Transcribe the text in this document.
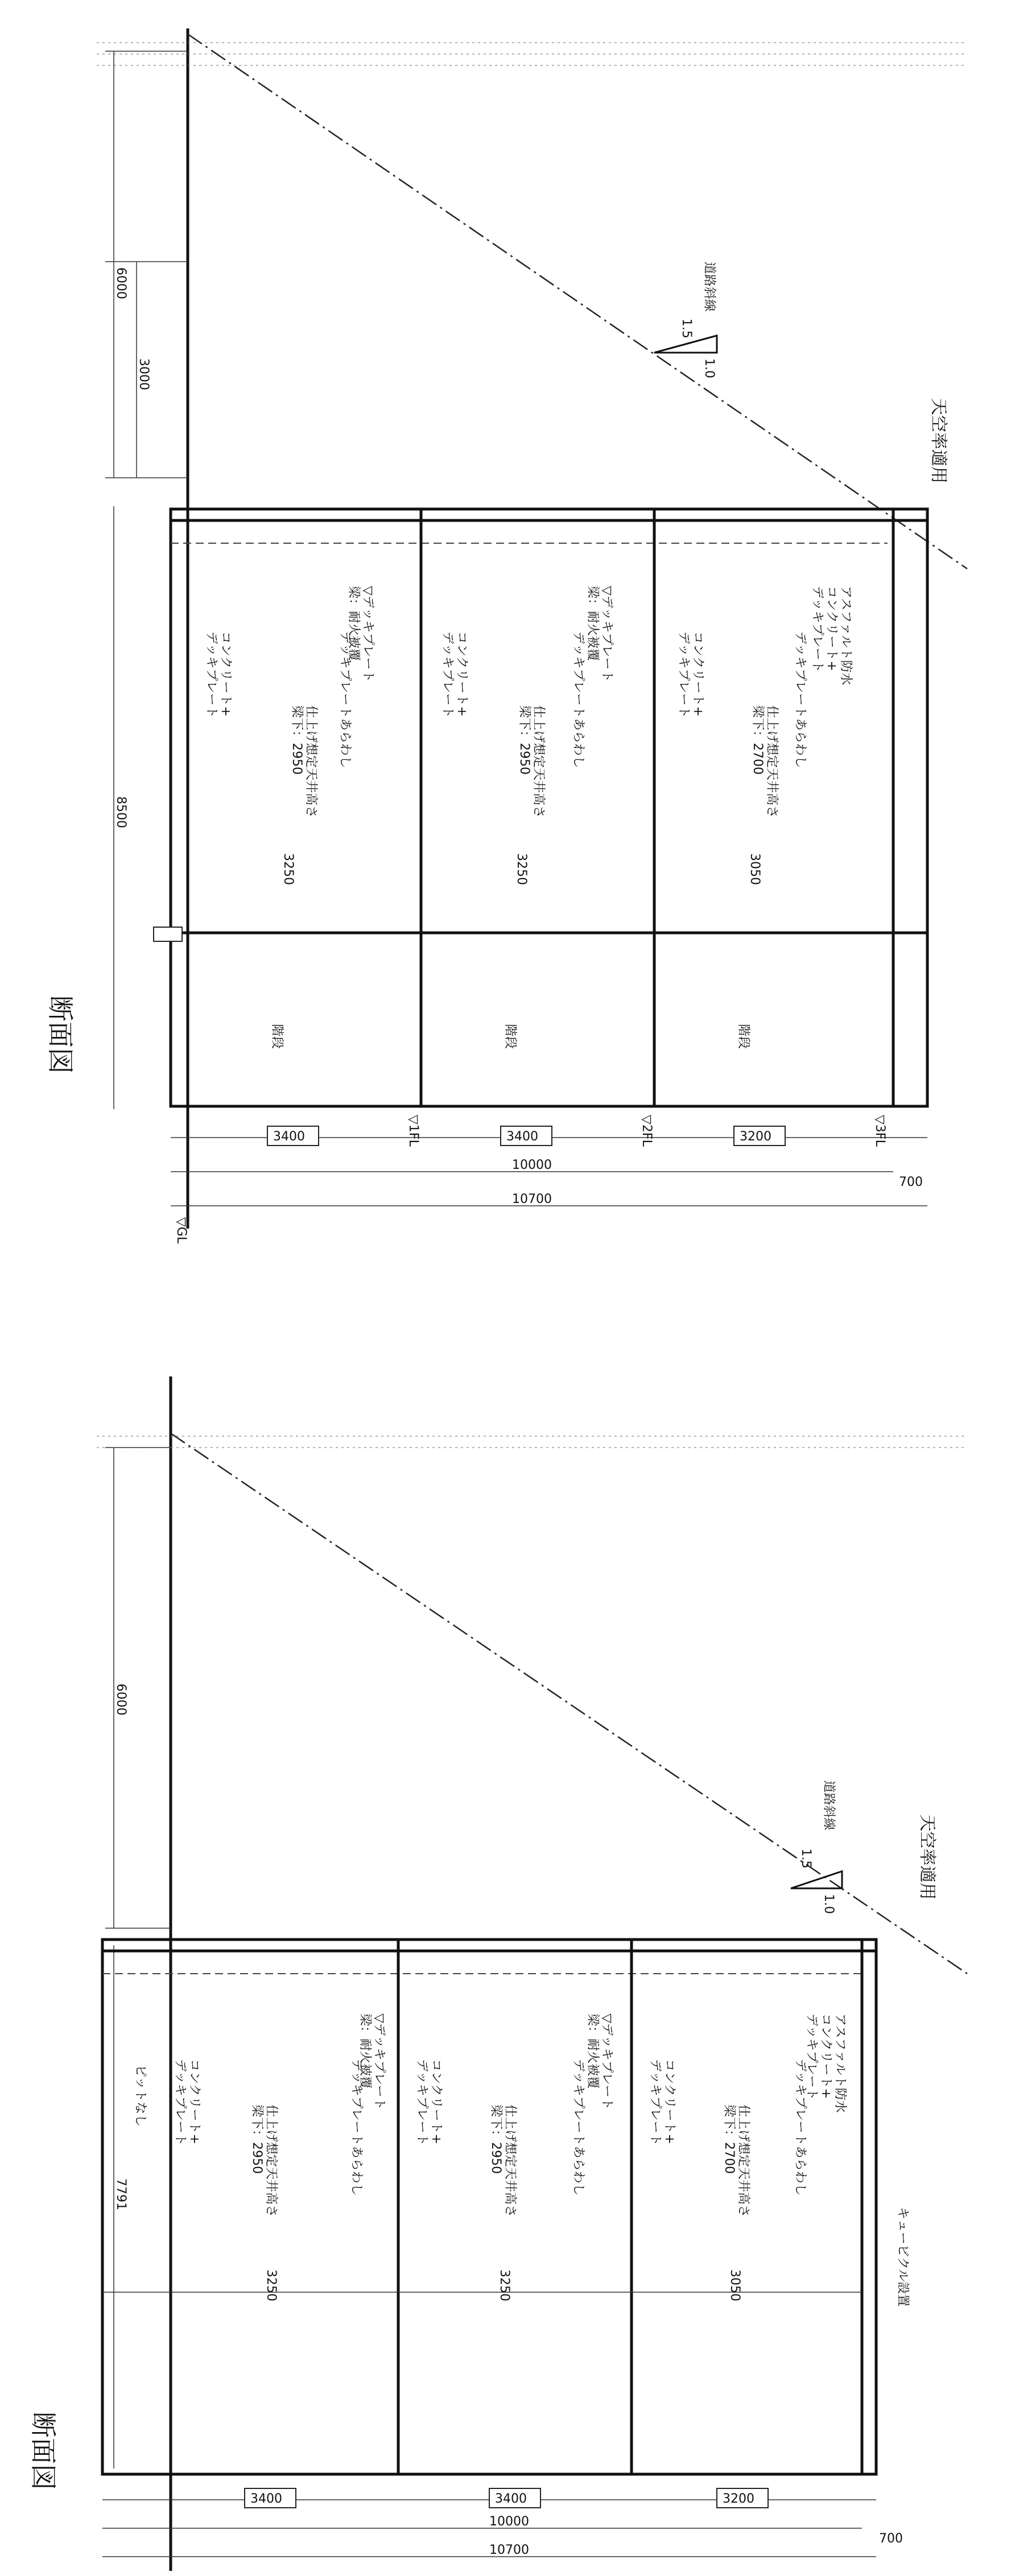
6000
3000
8500
▽デッキプレート
梁：耐火被覆
コンクリート+
デッキプレート
仕上げ想定天井高さ
梁下：2950	デッキプレートあらわし
3250
階段
▽デッキプレート
梁：耐火被覆
コンクリート+
デッキプレート
仕上げ想定天井高さ
梁下：2950	デッキプレートあらわし
3250
階段
アスファルト防水
コンクリート+
デッキプレート
コンクリート+
デッキプレート
仕上げ想定天井高さ
梁下：2700 デッキプレートあらわし
3050
階段
道路斜線
1.5
1.0
天空率適用
3400	3400	3200
10000
700
10700
▽GL
▽1FL	▽2FL	▽3FL
断面図
6000
7791
▽デッキプレート
梁：耐火被覆
コンクリート+
デッキプレート
仕上げ想定天井高さ
梁下：2950	デッキプレートあらわし
3250
ピットなし	▽デッキプレート
梁：耐火被覆
コンクリート+
デッキプレート
仕上げ想定天井高さ
梁下：2950	デッキプレートあらわし
3250
アスファルト防水
コンクリート+
デッキプレート
コンクリート+
デッキプレート
仕上げ想定天井高さ
梁下：2700	デッキプレートあらわし
3050	キュービクル設置
道路斜線
1.5
1.0
天空率適用
3400	3400	3200
10000
700
10700
断面図
